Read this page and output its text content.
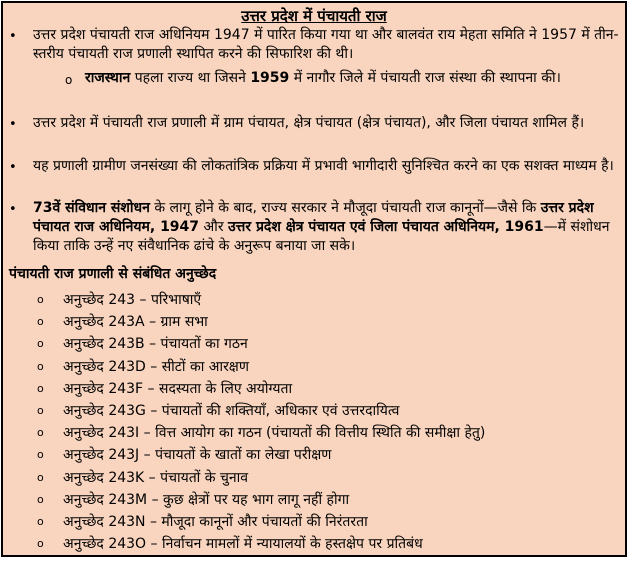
उत्तर प्रदेश में पंचायती राज
• उत्तर प्रदेश पंचायती राज अधिनियम 1947 में पारित किया गया था और बालवंत राय मेहता समिति ने 1957 में तीन-स्तरीय पंचायती राज प्रणाली स्थापित करने की सिफारिश की थी।
o राजस्थान पहला राज्य था जिसने 1959 में नागौर जिले में पंचायती राज संस्था की स्थापना की।
• उत्तर प्रदेश में पंचायती राज प्रणाली में ग्राम पंचायत, क्षेत्र पंचायत (क्षेत्र पंचायत), और जिला पंचायत शामिल हैं।
• यह प्रणाली ग्रामीण जनसंख्या की लोकतांत्रिक प्रक्रिया में प्रभावी भागीदारी सुनिश्चित करने का एक सशक्त माध्यम है।
• 73वें संविधान संशोधन के लागू होने के बाद, राज्य सरकार ने मौजूदा पंचायती राज कानूनों—जैसे कि उत्तर प्रदेश पंचायत राज अधिनियम, 1947 और उत्तर प्रदेश क्षेत्र पंचायत एवं जिला पंचायत अधिनियम, 1961—में संशोधन किया ताकि उन्हें नए संवैधानिक ढांचे के अनुरूप बनाया जा सके।
पंचायती राज प्रणाली से संबंधित अनुच्छेद
o अनुच्छेद 243 – परिभाषाएँ
o अनुच्छेद 243A – ग्राम सभा
o अनुच्छेद 243B – पंचायतों का गठन
o अनुच्छेद 243D – सीटों का आरक्षण
o अनुच्छेद 243F – सदस्यता के लिए अयोग्यता
o अनुच्छेद 243G – पंचायतों की शक्तियाँ, अधिकार एवं उत्तरदायित्व
o अनुच्छेद 243I – वित्त आयोग का गठन (पंचायतों की वित्तीय स्थिति की समीक्षा हेतु)
o अनुच्छेद 243J – पंचायतों के खातों का लेखा परीक्षण
o अनुच्छेद 243K – पंचायतों के चुनाव
o अनुच्छेद 243M – कुछ क्षेत्रों पर यह भाग लागू नहीं होगा
o अनुच्छेद 243N – मौजूदा कानूनों और पंचायतों की निरंतरता
o अनुच्छेद 243O – निर्वाचन मामलों में न्यायालयों के हस्तक्षेप पर प्रतिबंध
